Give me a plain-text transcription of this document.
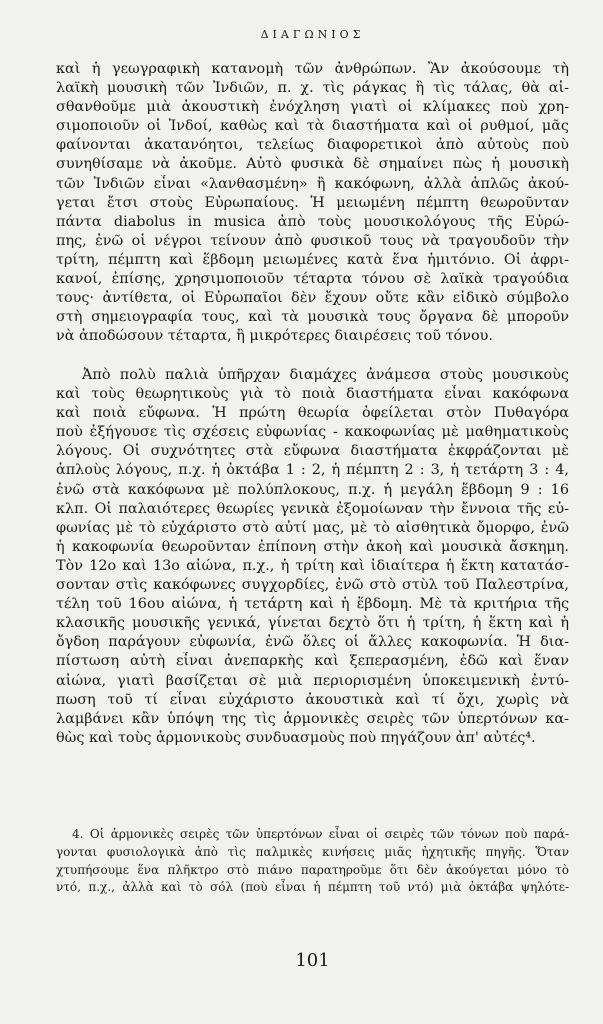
ΔΙΑΓΩΝΙΟΣ
καὶ ἡ γεωγραφικὴ κατανομὴ τῶν ἀνθρώπων. Ἂν ἀκούσουμε τὴ
λαϊκὴ μουσικὴ τῶν Ἰνδιῶν, π. χ. τὶς ράγκας ἢ τὶς τάλας, θὰ αἰ-
σθανθοῦμε μιὰ ἀκουστικὴ ἐνόχληση γιατὶ οἱ κλίμακες ποὺ χρη-
σιμοποιοῦν οἱ Ἰνδοί, καθὼς καὶ τὰ διαστήματα καὶ οἱ ρυθμοί, μᾶς
φαίνονται ἀκατανόητοι, τελείως διαφορετικοὶ ἀπὸ αὐτοὺς ποὺ
συνηθίσαμε νὰ ἀκοῦμε. Αὐτὸ φυσικὰ δὲ σημαίνει πὼς ἡ μουσικὴ
τῶν Ἰνδιῶν εἶναι «λανθασμένη» ἢ κακόφωνη, ἀλλὰ ἁπλῶς ἀκού-
γεται ἔτσι στοὺς Εὐρωπαίους. Ἡ μειωμένη πέμπτη θεωροῦνταν
πάντα diabolus in musica ἀπὸ τοὺς μουσικολόγους τῆς Εὐρώ-
πης, ἐνῶ οἱ νέγροι τείνουν ἀπὸ φυσικοῦ τους νὰ τραγουδοῦν τὴν
τρίτη, πέμπτη καὶ ἕβδομη μειωμένες κατὰ ἕνα ἡμιτόνιο. Οἱ ἀφρι-
κανοί, ἐπίσης, χρησιμοποιοῦν τέταρτα τόνου σὲ λαϊκὰ τραγούδια
τους· ἀντίθετα, οἱ Εὐρωπαῖοι δὲν ἔχουν οὔτε κἂν εἰδικὸ σύμβολο
στὴ σημειογραφία τους, καὶ τὰ μουσικὰ τους ὄργανα δὲ μποροῦν
νὰ ἀποδώσουν τέταρτα, ἢ μικρότερες διαιρέσεις τοῦ τόνου.
Ἀπὸ πολὺ παλιὰ ὑπῆρχαν διαμάχες ἀνάμεσα στοὺς μουσικοὺς
καὶ τοὺς θεωρητικοὺς γιὰ τὸ ποιὰ διαστήματα εἶναι κακόφωνα
καὶ ποιὰ εὔφωνα. Ἡ πρώτη θεωρία ὀφείλεται στὸν Πυθαγόρα
ποὺ ἐξήγουσε τὶς σχέσεις εὐφωνίας - κακοφωνίας μὲ μαθηματικοὺς
λόγους. Οἱ συχνότητες στὰ εὔφωνα διαστήματα ἐκφράζονται μὲ
ἁπλοὺς λόγους, π.χ. ἡ ὀκτάβα 1 : 2, ἡ πέμπτη 2 : 3, ἡ τετάρτη 3 : 4,
ἐνῶ στὰ κακόφωνα μὲ πολύπλοκους, π.χ. ἡ μεγάλη ἕβδομη 9 : 16
κλπ. Οἱ παλαιότερες θεωρίες γενικὰ ἐξομοίωναν τὴν ἔννοια τῆς εὐ-
φωνίας μὲ τὸ εὐχάριστο στὸ αὐτί μας, μὲ τὸ αἰσθητικὰ ὄμορφο, ἐνῶ
ἡ κακοφωνία θεωροῦνταν ἐπίπονη στὴν ἀκοὴ καὶ μουσικὰ ἄσκημη.
Τὸν 12ο καὶ 13ο αἰώνα, π.χ., ἡ τρίτη καὶ ἰδιαίτερα ἡ ἕκτη κατατάσ-
σονταν στὶς κακόφωνες συγχορδίες, ἐνῶ στὸ στὺλ τοῦ Παλεστρίνα,
τέλη τοῦ 16ου αἰώνα, ἡ τετάρτη καὶ ἡ ἕβδομη. Μὲ τὰ κριτήρια τῆς
κλασικῆς μουσικῆς γενικά, γίνεται δεχτὸ ὅτι ἡ τρίτη, ἡ ἕκτη καὶ ἡ
ὄγδοη παράγουν εὐφωνία, ἐνῶ ὅλες οἱ ἄλλες κακοφωνία. Ἡ δια-
πίστωση αὐτὴ εἶναι ἀνεπαρκὴς καὶ ξεπερασμένη, ἐδῶ καὶ ἕναν
αἰώνα, γιατὶ βασίζεται σὲ μιὰ περιορισμένη ὑποκειμενικὴ ἐντύ-
πωση τοῦ τί εἶναι εὐχάριστο ἀκουστικὰ καὶ τί ὄχι, χωρὶς νὰ
λαμβάνει κἂν ὑπόψη της τὶς ἁρμονικὲς σειρὲς τῶν ὑπερτόνων κα-
θὼς καὶ τοὺς ἁρμονικοὺς συνδυασμοὺς ποὺ πηγάζουν ἀπ' αὐτές⁴.
4. Οἱ ἁρμονικὲς σειρὲς τῶν ὑπερτόνων εἶναι οἱ σειρὲς τῶν τόνων ποὺ παρά-
γονται φυσιολογικὰ ἀπὸ τὶς παλμικὲς κινήσεις μιᾶς ἠχητικῆς πηγῆς. Ὅταν
χτυπήσουμε ἕνα πλῆκτρο στὸ πιάνο παρατηροῦμε ὅτι δὲν ἀκούγεται μόνο τὸ
ντό, π.χ., ἀλλὰ καὶ τὸ σόλ (ποὺ εἶναι ἡ πέμπτη τοῦ ντό) μιὰ ὀκτάβα ψηλότε-
101
